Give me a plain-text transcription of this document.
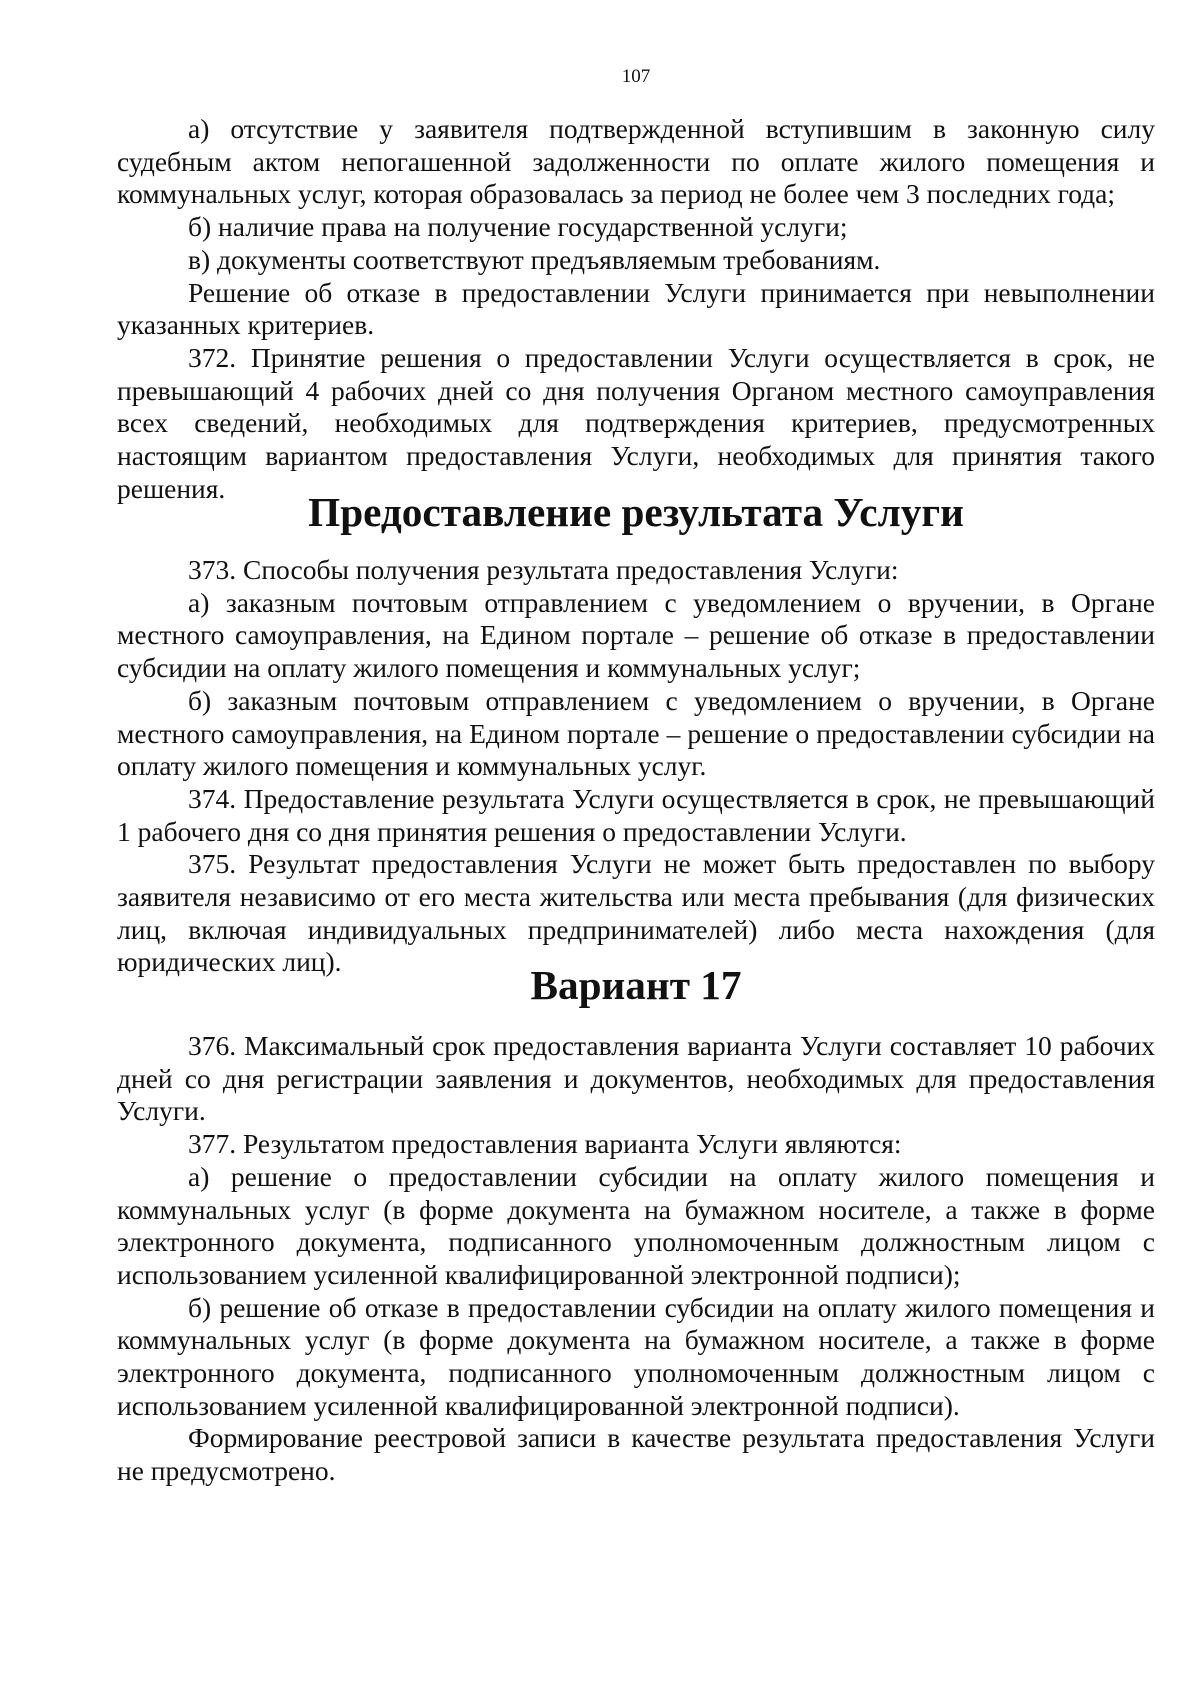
107

а) отсутствие у заявителя подтвержденной вступившим в законную силу судебным актом непогашенной задолженности по оплате жилого помещения и коммунальных услуг, которая образовалась за период не более чем 3 последних года;

б) наличие права на получение государственной услуги;

в) документы соответствуют предъявляемым требованиям.

Решение об отказе в предоставлении Услуги принимается при невыполнении указанных критериев.

372. Принятие решения о предоставлении Услуги осуществляется в срок, не превышающий 4 рабочих дней со дня получения Органом местного самоуправления всех сведений, необходимых для подтверждения критериев, предусмотренных настоящим вариантом предоставления Услуги, необходимых для принятия такого решения.

Предоставление результата Услуги

373. Способы получения результата предоставления Услуги:

а) заказным почтовым отправлением с уведомлением о вручении, в Органе местного самоуправления, на Едином портале – решение об отказе в предоставлении субсидии на оплату жилого помещения и коммунальных услуг;

б) заказным почтовым отправлением с уведомлением о вручении, в Органе местного самоуправления, на Едином портале – решение о предоставлении субсидии на оплату жилого помещения и коммунальных услуг.

374. Предоставление результата Услуги осуществляется в срок, не превышающий 1 рабочего дня со дня принятия решения о предоставлении Услуги.

375. Результат предоставления Услуги не может быть предоставлен по выбору заявителя независимо от его места жительства или места пребывания (для физических лиц, включая индивидуальных предпринимателей) либо места нахождения (для юридических лиц).

Вариант 17

376. Максимальный срок предоставления варианта Услуги составляет 10 рабочих дней со дня регистрации заявления и документов, необходимых для предоставления Услуги.

377. Результатом предоставления варианта Услуги являются:

а) решение о предоставлении субсидии на оплату жилого помещения и коммунальных услуг (в форме документа на бумажном носителе, а также в форме электронного документа, подписанного уполномоченным должностным лицом с использованием усиленной квалифицированной электронной подписи);

б) решение об отказе в предоставлении субсидии на оплату жилого помещения и коммунальных услуг (в форме документа на бумажном носителе, а также в форме электронного документа, подписанного уполномоченным должностным лицом с использованием усиленной квалифицированной электронной подписи).

Формирование реестровой записи в качестве результата предоставления Услуги не предусмотрено.
